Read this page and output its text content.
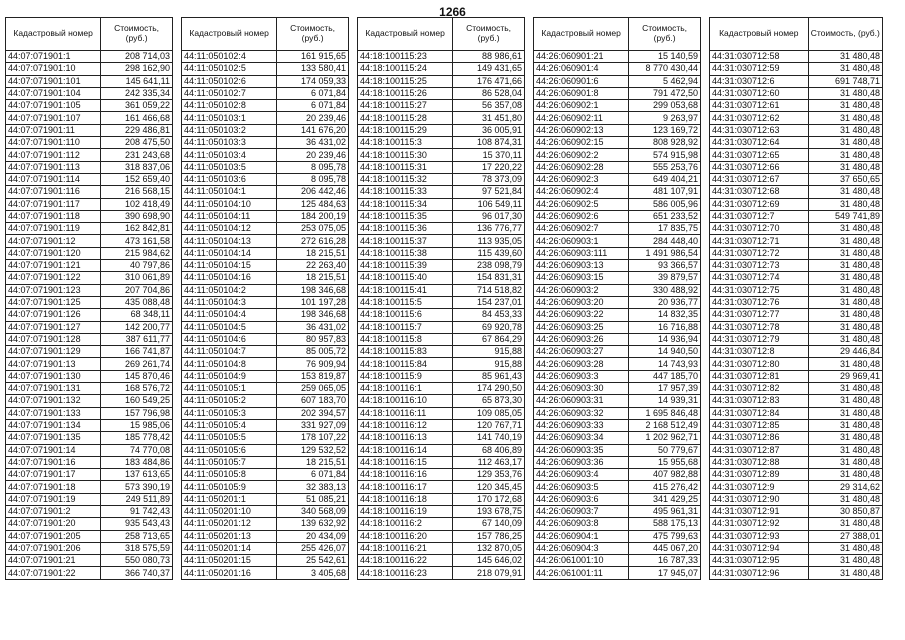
1266
Кадастровый номер	Стоимость, (руб.)
44:07:071901:1	208 714,03
44:07:071901:10	298 162,90
44:07:071901:101	145 641,11
44:07:071901:104	242 335,34
44:07:071901:105	361 059,22
44:07:071901:107	161 466,68
44:07:071901:11	229 486,81
44:07:071901:110	208 475,50
44:07:071901:112	231 243,68
44:07:071901:113	318 837,06
44:07:071901:114	152 659,40
44:07:071901:116	216 568,15
44:07:071901:117	102 418,49
44:07:071901:118	390 698,90
44:07:071901:119	162 842,81
44:07:071901:12	473 161,58
44:07:071901:120	215 984,62
44:07:071901:121	40 797,86
44:07:071901:122	310 061,89
44:07:071901:123	207 704,86
44:07:071901:125	435 088,48
44:07:071901:126	68 348,11
44:07:071901:127	142 200,77
44:07:071901:128	387 611,77
44:07:071901:129	166 741,87
44:07:071901:13	269 261,74
44:07:071901:130	145 870,46
44:07:071901:131	168 576,72
44:07:071901:132	160 549,25
44:07:071901:133	157 796,98
44:07:071901:134	15 985,06
44:07:071901:135	185 778,42
44:07:071901:14	74 770,08
44:07:071901:16	183 484,86
44:07:071901:17	137 613,65
44:07:071901:18	573 390,19
44:07:071901:19	249 511,89
44:07:071901:2	91 742,43
44:07:071901:20	935 543,43
44:07:071901:205	258 713,65
44:07:071901:206	318 575,59
44:07:071901:21	550 080,73
44:07:071901:22	366 740,37
Кадастровый номер	Стоимость, (руб.)
44:11:050102:4	161 915,65
44:11:050102:5	133 580,41
44:11:050102:6	174 059,33
44:11:050102:7	6 071,84
44:11:050102:8	6 071,84
44:11:050103:1	20 239,46
44:11:050103:2	141 676,20
44:11:050103:3	36 431,02
44:11:050103:4	20 239,46
44:11:050103:5	8 095,78
44:11:050103:6	8 095,78
44:11:050104:1	206 442,46
44:11:050104:10	125 484,63
44:11:050104:11	184 200,19
44:11:050104:12	253 075,05
44:11:050104:13	272 616,28
44:11:050104:14	18 215,51
44:11:050104:15	22 263,40
44:11:050104:16	18 215,51
44:11:050104:2	198 346,68
44:11:050104:3	101 197,28
44:11:050104:4	198 346,68
44:11:050104:5	36 431,02
44:11:050104:6	80 957,83
44:11:050104:7	85 005,72
44:11:050104:8	76 909,94
44:11:050104:9	153 819,87
44:11:050105:1	259 065,05
44:11:050105:2	607 183,70
44:11:050105:3	202 394,57
44:11:050105:4	331 927,09
44:11:050105:5	178 107,22
44:11:050105:6	129 532,52
44:11:050105:7	18 215,51
44:11:050105:8	6 071,84
44:11:050105:9	32 383,13
44:11:050201:1	51 085,21
44:11:050201:10	340 568,09
44:11:050201:12	139 632,92
44:11:050201:13	20 434,09
44:11:050201:14	255 426,07
44:11:050201:15	25 542,61
44:11:050201:16	3 405,68
Кадастровый номер	Стоимость, (руб.)
44:18:100115:23	88 986,61
44:18:100115:24	149 431,65
44:18:100115:25	176 471,66
44:18:100115:26	86 528,04
44:18:100115:27	56 357,08
44:18:100115:28	31 451,80
44:18:100115:29	36 005,91
44:18:100115:3	108 874,31
44:18:100115:30	15 370,11
44:18:100115:31	17 220,22
44:18:100115:32	78 373,09
44:18:100115:33	97 521,84
44:18:100115:34	106 549,11
44:18:100115:35	96 017,30
44:18:100115:36	136 776,77
44:18:100115:37	113 935,05
44:18:100115:38	115 439,60
44:18:100115:39	238 098,79
44:18:100115:40	154 831,31
44:18:100115:41	714 518,82
44:18:100115:5	154 237,01
44:18:100115:6	84 453,33
44:18:100115:7	69 920,78
44:18:100115:8	67 864,29
44:18:100115:83	915,88
44:18:100115:84	915,88
44:18:100115:9	85 961,43
44:18:100116:1	174 290,50
44:18:100116:10	65 873,30
44:18:100116:11	109 085,05
44:18:100116:12	120 767,71
44:18:100116:13	141 740,19
44:18:100116:14	68 406,89
44:18:100116:15	112 463,17
44:18:100116:16	129 353,76
44:18:100116:17	120 345,45
44:18:100116:18	170 172,68
44:18:100116:19	193 678,75
44:18:100116:2	67 140,09
44:18:100116:20	157 786,25
44:18:100116:21	132 870,05
44:18:100116:22	145 646,02
44:18:100116:23	218 079,91
Кадастровый номер	Стоимость, (руб.)
44:26:060901:21	15 140,59
44:26:060901:4	8 770 430,44
44:26:060901:6	5 462,94
44:26:060901:8	791 472,50
44:26:060902:1	299 053,68
44:26:060902:11	9 263,97
44:26:060902:13	123 169,72
44:26:060902:15	808 928,92
44:26:060902:2	574 915,98
44:26:060902:28	555 253,76
44:26:060902:3	649 404,21
44:26:060902:4	481 107,91
44:26:060902:5	586 005,96
44:26:060902:6	651 233,52
44:26:060902:7	17 835,75
44:26:060903:1	284 448,40
44:26:060903:111	1 491 986,54
44:26:060903:13	93 366,57
44:26:060903:15	39 879,57
44:26:060903:2	330 488,92
44:26:060903:20	20 936,77
44:26:060903:22	14 832,35
44:26:060903:25	16 716,88
44:26:060903:26	14 936,94
44:26:060903:27	14 940,50
44:26:060903:28	14 743,93
44:26:060903:3	447 185,70
44:26:060903:30	17 957,39
44:26:060903:31	14 939,31
44:26:060903:32	1 695 846,48
44:26:060903:33	2 168 512,49
44:26:060903:34	1 202 962,71
44:26:060903:35	50 779,67
44:26:060903:36	15 955,68
44:26:060903:4	407 982,88
44:26:060903:5	415 276,42
44:26:060903:6	341 429,25
44:26:060903:7	495 961,31
44:26:060903:8	588 175,13
44:26:060904:1	475 799,63
44:26:060904:3	445 067,20
44:26:061001:10	16 787,33
44:26:061001:11	17 945,07
Кадастровый номер	Стоимость, (руб.)
44:31:030712:58	31 480,48
44:31:030712:59	31 480,48
44:31:030712:6	691 748,71
44:31:030712:60	31 480,48
44:31:030712:61	31 480,48
44:31:030712:62	31 480,48
44:31:030712:63	31 480,48
44:31:030712:64	31 480,48
44:31:030712:65	31 480,48
44:31:030712:66	31 480,48
44:31:030712:67	37 650,65
44:31:030712:68	31 480,48
44:31:030712:69	31 480,48
44:31:030712:7	549 741,89
44:31:030712:70	31 480,48
44:31:030712:71	31 480,48
44:31:030712:72	31 480,48
44:31:030712:73	31 480,48
44:31:030712:74	31 480,48
44:31:030712:75	31 480,48
44:31:030712:76	31 480,48
44:31:030712:77	31 480,48
44:31:030712:78	31 480,48
44:31:030712:79	31 480,48
44:31:030712:8	29 446,84
44:31:030712:80	31 480,48
44:31:030712:81	29 969,41
44:31:030712:82	31 480,48
44:31:030712:83	31 480,48
44:31:030712:84	31 480,48
44:31:030712:85	31 480,48
44:31:030712:86	31 480,48
44:31:030712:87	31 480,48
44:31:030712:88	31 480,48
44:31:030712:89	31 480,48
44:31:030712:9	29 314,62
44:31:030712:90	31 480,48
44:31:030712:91	30 850,87
44:31:030712:92	31 480,48
44:31:030712:93	27 388,01
44:31:030712:94	31 480,48
44:31:030712:95	31 480,48
44:31:030712:96	31 480,48
